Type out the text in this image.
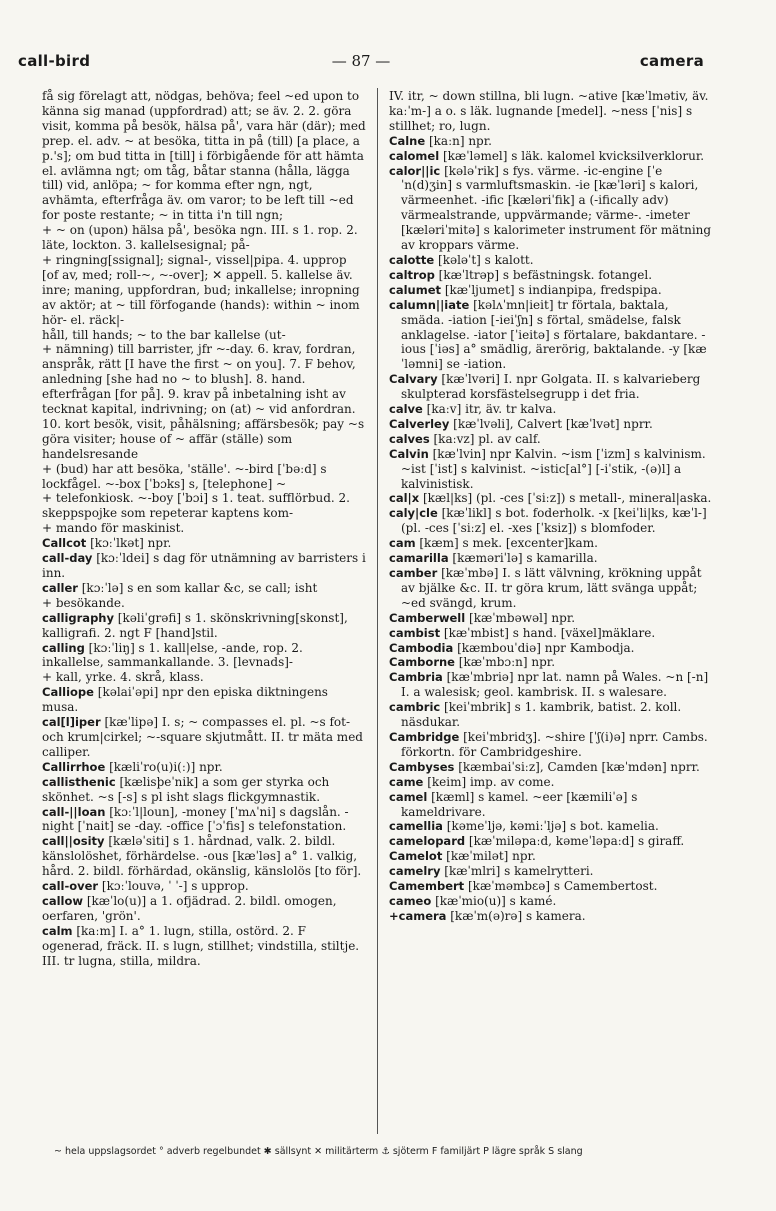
call-bird	— 87 —	camera

få sig förelagt att, nödgas, behöva; feel ~ed upon to känna sig manad (uppfordrad) att; se äv. 2. 2. göra visit, komma på besök, hälsa på', vara här (där); med prep. el. adv. ~ at besöka, titta in på (till) [a place, a p.'s]; om bud titta in [till] i förbigående för att hämta el. avlämna ngt; om tåg, båtar stanna (hålla, lägga till) vid, anlöpa; ~ for komma efter ngn, ngt, avhämta, efterfråga äv. om varor; to be left till ~ed for poste restante; ~ in titta i'n till ngn;

+ ~ on (upon) hälsa på', besöka ngn. III. s 1. rop. 2. läte, lockton. 3. kallelsesignal; på-

+ ringning[ssignal]; signal-, vissel|pipa. 4. upprop [of av, med; roll-~, ~-over]; ✕ appell. 5. kallelse äv. inre; maning, uppfordran, bud; inkallelse; inropning av aktör; at ~ till förfogande (hands): within ~ inom hör- el. räck|-

håll, till hands; ~ to the bar kallelse (ut-

+ nämning) till barrister, jfr ~-day. 6. krav, fordran, anspråk, rätt [I have the first ~ on you]. 7. F behov, anledning [she had no ~ to blush]. 8. hand. efterfrågan [for på]. 9. krav på inbetalning isht av tecknat kapital, indrivning; on (at) ~ vid anfordran. 10. kort besök, visit, påhälsning; affärsbesök; pay ~s göra visiter; house of ~ affär (ställe) som handelsresande

+ (bud) har att besöka, 'ställe'. ~-bird [ˈbəːd] s lockfågel. ~-box [ˈbɔks] s, [telephone] ~

+ telefonkiosk. ~-boy [ˈbɔi] s 1. teat. sufflörbud. 2. skeppspojke som repeterar kaptens kom-

+ mando för maskinist.

Callcot [kɔːˈlkət] npr.

call-day [kɔːˈldei] s dag för utnämning av barristers i inn.

caller [kɔːˈlə] s en som kallar &c, se call; isht

+ besökande.

calligraphy [kəliˈgrəfi] s 1. skönskrivning[skonst], kalligrafi. 2. ngt F [hand]stil.

calling [kɔːˈliŋ] s 1. kall|else, -ande, rop. 2. inkallelse, sammankallande. 3. [levnads]-

+ kall, yrke. 4. skrå, klass.

Calliope [kəlaiˈəpi] npr den episka diktningens musa.

cal[l]iper [kæˈlipə] I. s; ~ compasses el. pl. ~s fot- och krum|cirkel; ~-square skjutmått. II. tr mäta med calliper.

Callirrhoe [kæliˈro(u)i(ː)] npr.

callisthenic [kælisþeˈnik] a som ger styrka och skönhet. ~s [-s] s pl isht slags flickgymnastik.

call-||loan [kɔːˈl|loun], -money [ˈmʌˈni] s dagslån. -night [ˈnait] se -day. -office [ˈɔˈfis] s telefonstation.

call||osity [kæləˈsiti] s 1. hårdnad, valk. 2. bildl. känslolöshet, förhärdelse. -ous [kæˈləs] a° 1. valkig, hård. 2. bildl. förhärdad, okänslig, känslolös [to för].

call-over [kɔːˈlouvə, ˈ ˈ-] s upprop.

callow [kæˈlo(u)] a 1. ofjädrad. 2. bildl. omogen, oerfaren, 'grön'.

calm [kaːm] I. a° 1. lugn, stilla, ostörd. 2. F ogenerad, fräck. II. s lugn, stillhet; vindstilla, stiltje. III. tr lugna, stilla, mildra.

IV. itr, ~ down stillna, bli lugn. ~ative [kæˈlmətiv, äv. kaːˈm-] a o. s läk. lugnande [medel]. ~ness [ˈnis] s stillhet; ro, lugn.

Calne [kaːn] npr.

calomel [kæˈləmel] s läk. kalomel kvicksilverklorur.

calor||ic [kələˈrik] s fys. värme. -ic-engine [ˈeˈn(d)ʒin] s varmluftsmaskin. -ie [kæˈləri] s kalori, värmeenhet. -ific [kæləriˈfik] a (-ifically adv) värmealstrande, uppvärmande; värme-. -imeter [kæləriˈmitə] s kalorimeter instrument för mätning av kroppars värme.

calotte [kələˈt] s kalott.

caltrop [kæˈltrəp] s befästningsk. fotangel.

calumet [kæˈljumet] s indianpipa, fredspipa.

calumn||iate [kəlʌˈmn|ieit] tr förtala, baktala, smäda. -iation [-ieiˈʃn] s förtal, smädelse, falsk anklagelse. -iator [ˈieitə] s förtalare, bakdantare. -ious [ˈiəs] a° smädlig, ärerörig, baktalande. -y [kæˈləmni] se -iation.

Calvary [kæˈlvəri] I. npr Golgata. II. s kalvarieberg skulpterad korsfästelsegrupp i det fria.

calve [kaːv] itr, äv. tr kalva.

Calverley [kæˈlvəli], Calvert [kæˈlvət] nprr.

calves [kaːvz] pl. av calf.

Calvin [kæˈlvin] npr Kalvin. ~ism [ˈizm] s kalvinism. ~ist [ˈist] s kalvinist. ~istic[al°] [-iˈstik, -(ə)l] a kalvinistisk.

cal|x [kæl|ks] (pl. -ces [ˈsiːz]) s metall-, mineral|aska.

caly|cle [kæˈlikl] s bot. foderholk. -x [keiˈli|ks, kæˈl-] (pl. -ces [ˈsiːz] el. -xes [ˈksiz]) s blomfoder.

cam [kæm] s mek. [excenter]kam.

camarilla [kæməriˈlə] s kamarilla.

camber [kæˈmbə] I. s lätt välvning, krökning uppåt av bjälke &c. II. tr göra krum, lätt svänga uppåt; ~ed svängd, krum.

Camberwell [kæˈmbəwəl] npr.

cambist [kæˈmbist] s hand. [växel]mäklare.

Cambodia [kæmbouˈdiə] npr Kambodja.

Camborne [kæˈmbɔːn] npr.

Cambria [kæˈmbriə] npr lat. namn på Wales. ~n [-n] I. a walesisk; geol. kambrisk. II. s walesare.

cambric [keiˈmbrik] s 1. kambrik, batist. 2. koll. näsdukar.

Cambridge [keiˈmbridʒ]. ~shire [ˈʃ(i)ə] nprr. Cambs. förkortn. för Cambridgeshire.

Cambyses [kæmbaiˈsiːz], Camden [kæˈmdən] nprr.

came [keim] imp. av come.

camel [kæml] s kamel. ~eer [kæmiliˈə] s kameldrivare.

camellia [kəmeˈljə, kəmiːˈljə] s bot. kamelia.

camelopard [kæˈmiləpaːd, kəmeˈləpaːd] s giraff.

Camelot [kæˈmilət] npr.

camelry [kæˈmlri] s kamelrytteri.

Camembert [kæˈməmbɛə] s Camembertost.

cameo [kæˈmio(u)] s kamé.

+camera [kæˈm(ə)rə] s kamera.

~ hela uppslagsordet ° adverb regelbundet ✱ sällsynt ✕ militärterm ⚓ sjöterm F familjärt P lägre språk S slang
